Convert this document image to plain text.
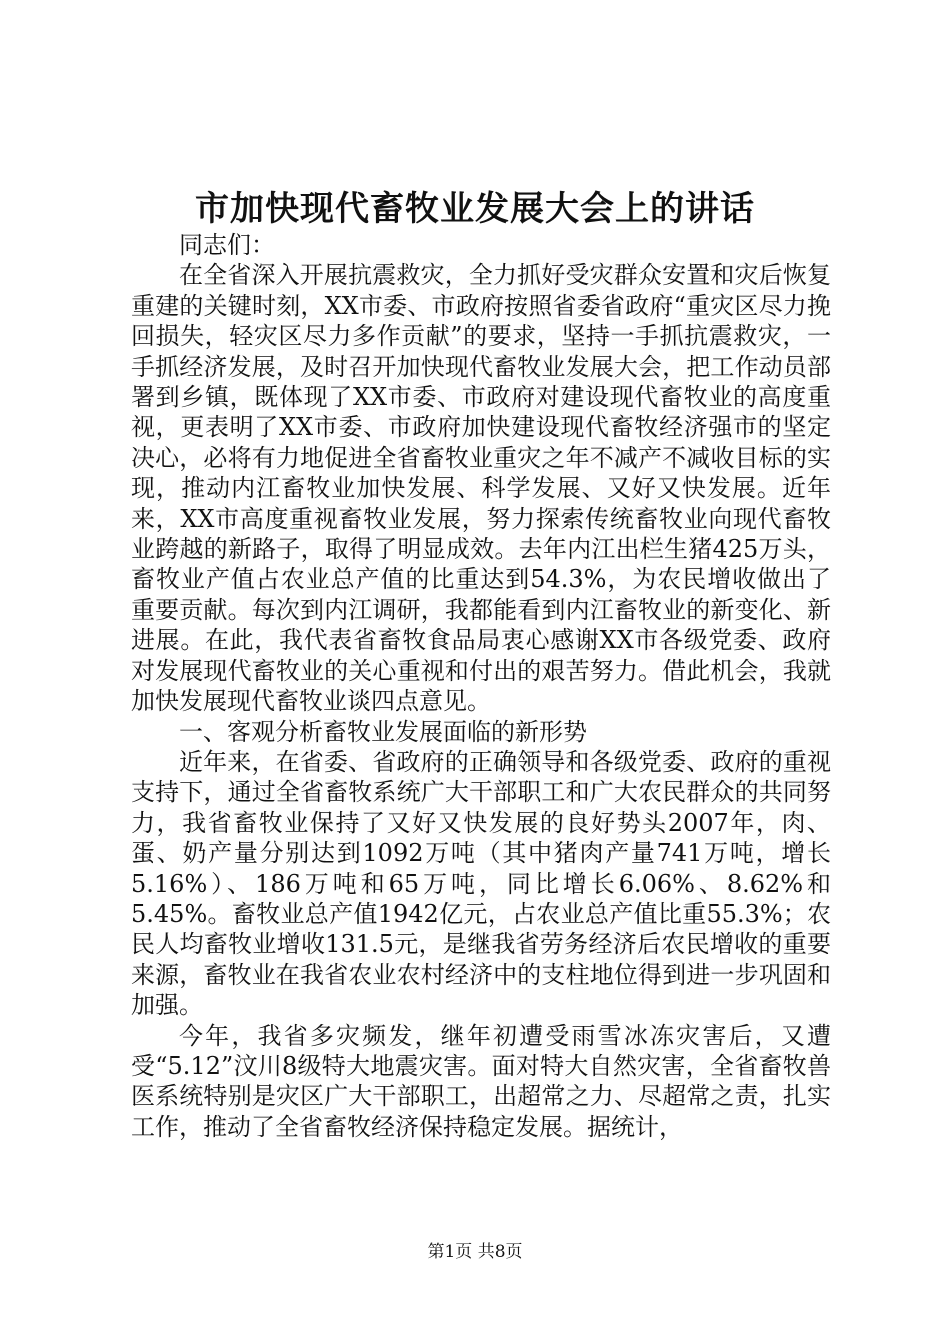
市加快现代畜牧业发展大会上的讲话

同志们：

在全省深入开展抗震救灾，全力抓好受灾群众安置和灾后恢复重建的关键时刻，XX市委、市政府按照省委省政府“重灾区尽力挽回损失，轻灾区尽力多作贡献”的要求，坚持一手抓抗震救灾，一手抓经济发展，及时召开加快现代畜牧业发展大会，把工作动员部署到乡镇，既体现了XX市委、市政府对建设现代畜牧业的高度重视，更表明了XX市委、市政府加快建设现代畜牧经济强市的坚定决心，必将有力地促进全省畜牧业重灾之年不减产不减收目标的实现，推动内江畜牧业加快发展、科学发展、又好又快发展。近年来，XX市高度重视畜牧业发展，努力探索传统畜牧业向现代畜牧业跨越的新路子，取得了明显成效。去年内江出栏生猪425万头，畜牧业产值占农业总产值的比重达到54.3%，为农民增收做出了重要贡献。每次到内江调研，我都能看到内江畜牧业的新变化、新进展。在此，我代表省畜牧食品局衷心感谢XX市各级党委、政府对发展现代畜牧业的关心重视和付出的艰苦努力。借此机会，我就加快发展现代畜牧业谈四点意见。

一、客观分析畜牧业发展面临的新形势

近年来，在省委、省政府的正确领导和各级党委、政府的重视支持下，通过全省畜牧系统广大干部职工和广大农民群众的共同努力，我省畜牧业保持了又好又快发展的良好势头2007年，肉、蛋、奶产量分别达到1092万吨（其中猪肉产量741万吨，增长5.16%）、186万吨和65万吨，同比增长6.06%、8.62%和5.45%。畜牧业总产值1942亿元，占农业总产值比重55.3%；农民人均畜牧业增收131.5元，是继我省劳务经济后农民增收的重要来源，畜牧业在我省农业农村经济中的支柱地位得到进一步巩固和加强。

今年，我省多灾频发，继年初遭受雨雪冰冻灾害后，又遭受“5.12”汶川8级特大地震灾害。面对特大自然灾害，全省畜牧兽医系统特别是灾区广大干部职工，出超常之力、尽超常之责，扎实工作，推动了全省畜牧经济保持稳定发展。据统计，

第1页 共8页
